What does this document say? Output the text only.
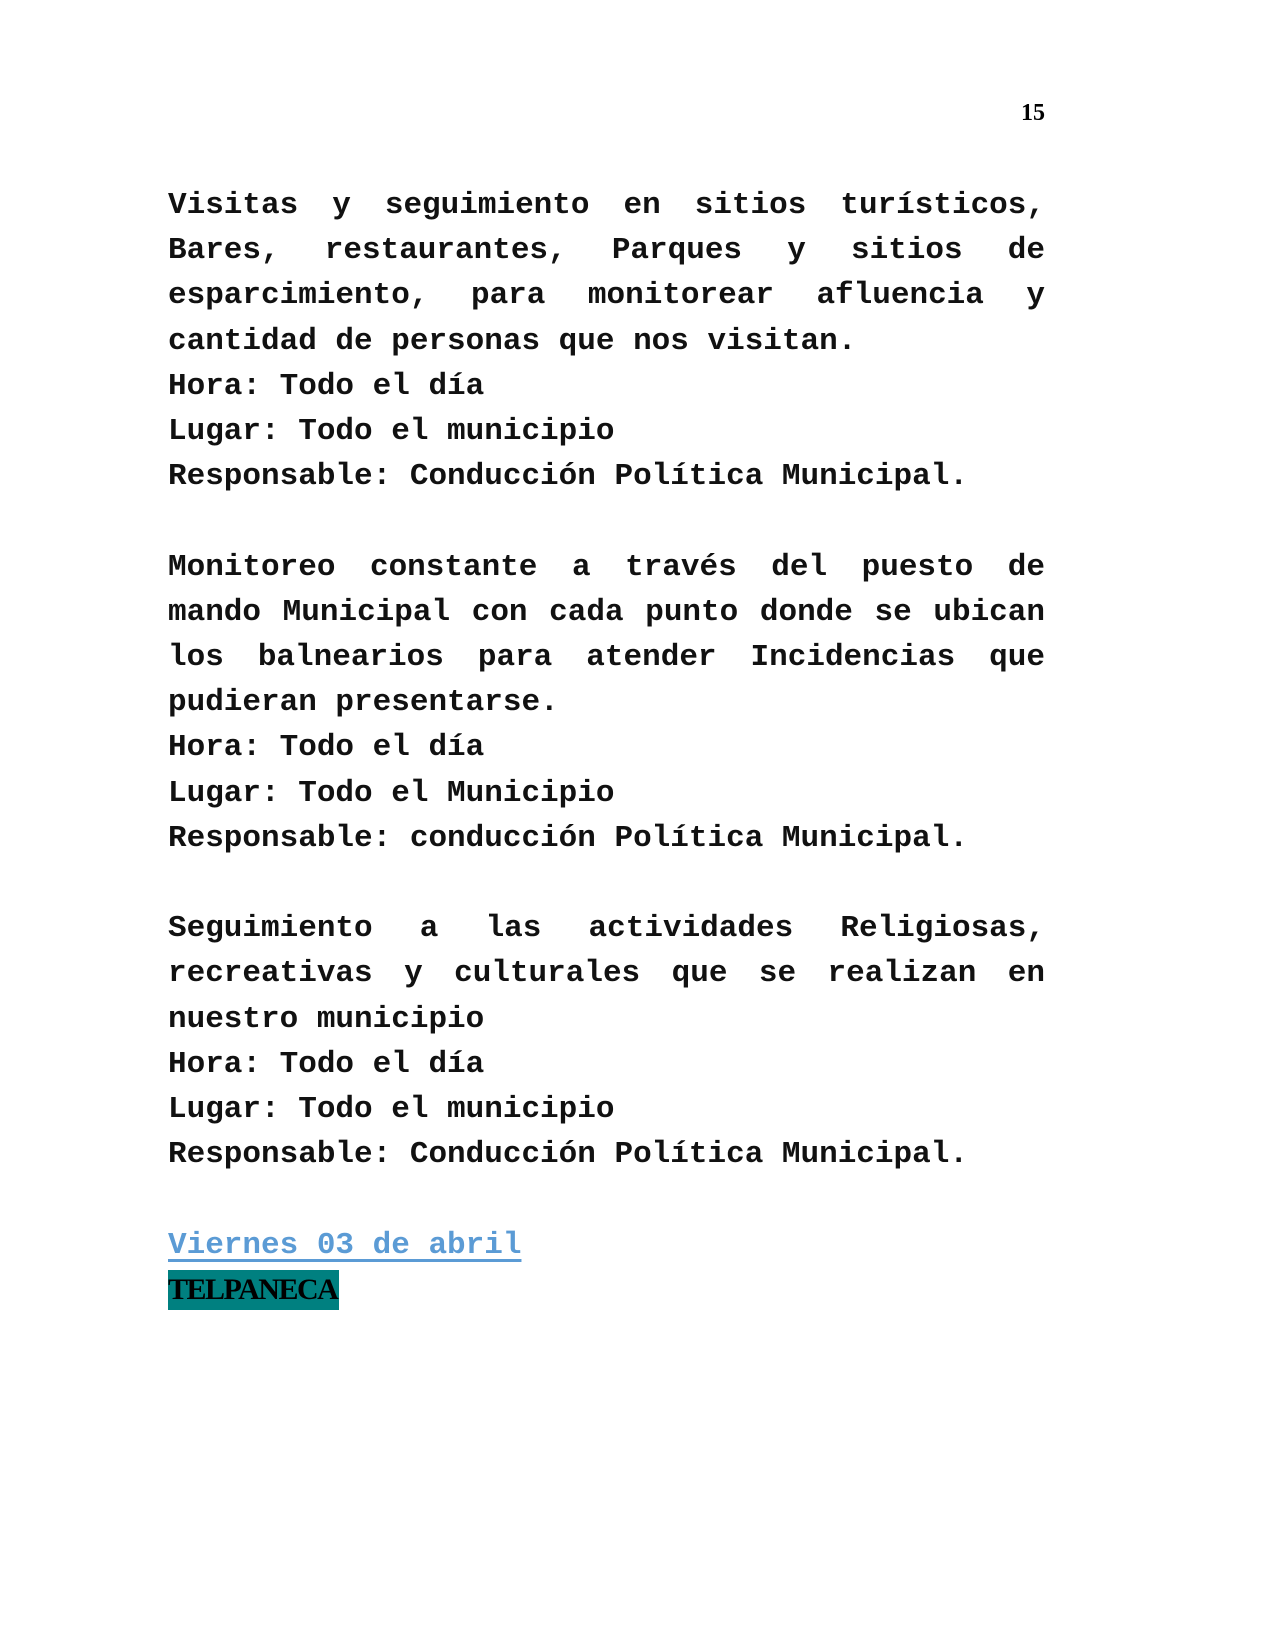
15

Visitas y seguimiento en sitios turísticos, Bares, restaurantes, Parques y sitios de esparcimiento, para monitorear afluencia y cantidad de personas que nos visitan.

Hora: Todo el día

Lugar: Todo el municipio

Responsable: Conducción Política Municipal.

Monitoreo constante a través del puesto de mando Municipal con cada punto donde se ubican los balnearios para atender Incidencias que pudieran presentarse.

Hora: Todo el día

Lugar: Todo el Municipio

Responsable: conducción Política Municipal.

Seguimiento a las actividades Religiosas, recreativas y culturales que se realizan en nuestro municipio

Hora: Todo el día

Lugar: Todo el municipio

Responsable: Conducción Política Municipal.

Viernes 03 de abril

TELPANECA
